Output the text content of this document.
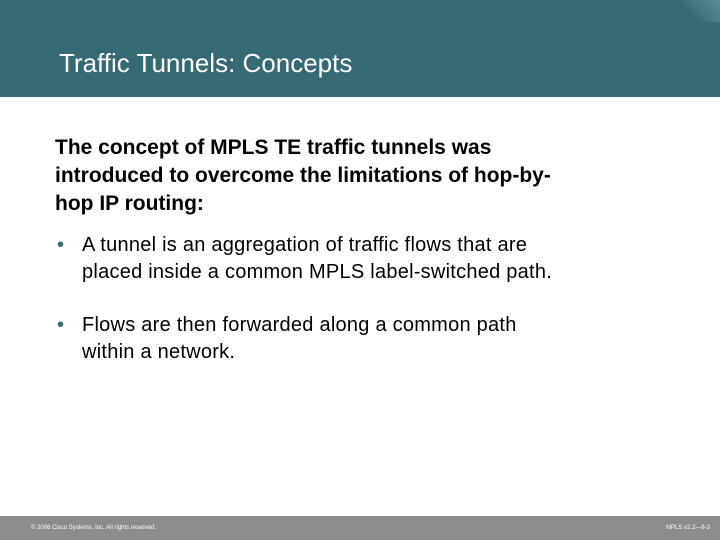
Traffic Tunnels: Concepts

The concept of MPLS TE traffic tunnels was
introduced to overcome the limitations of hop-by-
hop IP routing:

• A tunnel is an aggregation of traffic flows that are
placed inside a common MPLS label-switched path.
• Flows are then forwarded along a common path
within a network.
© 2006 Cisco Systems, Inc. All rights reserved.	MPLS v2.2—8-3
